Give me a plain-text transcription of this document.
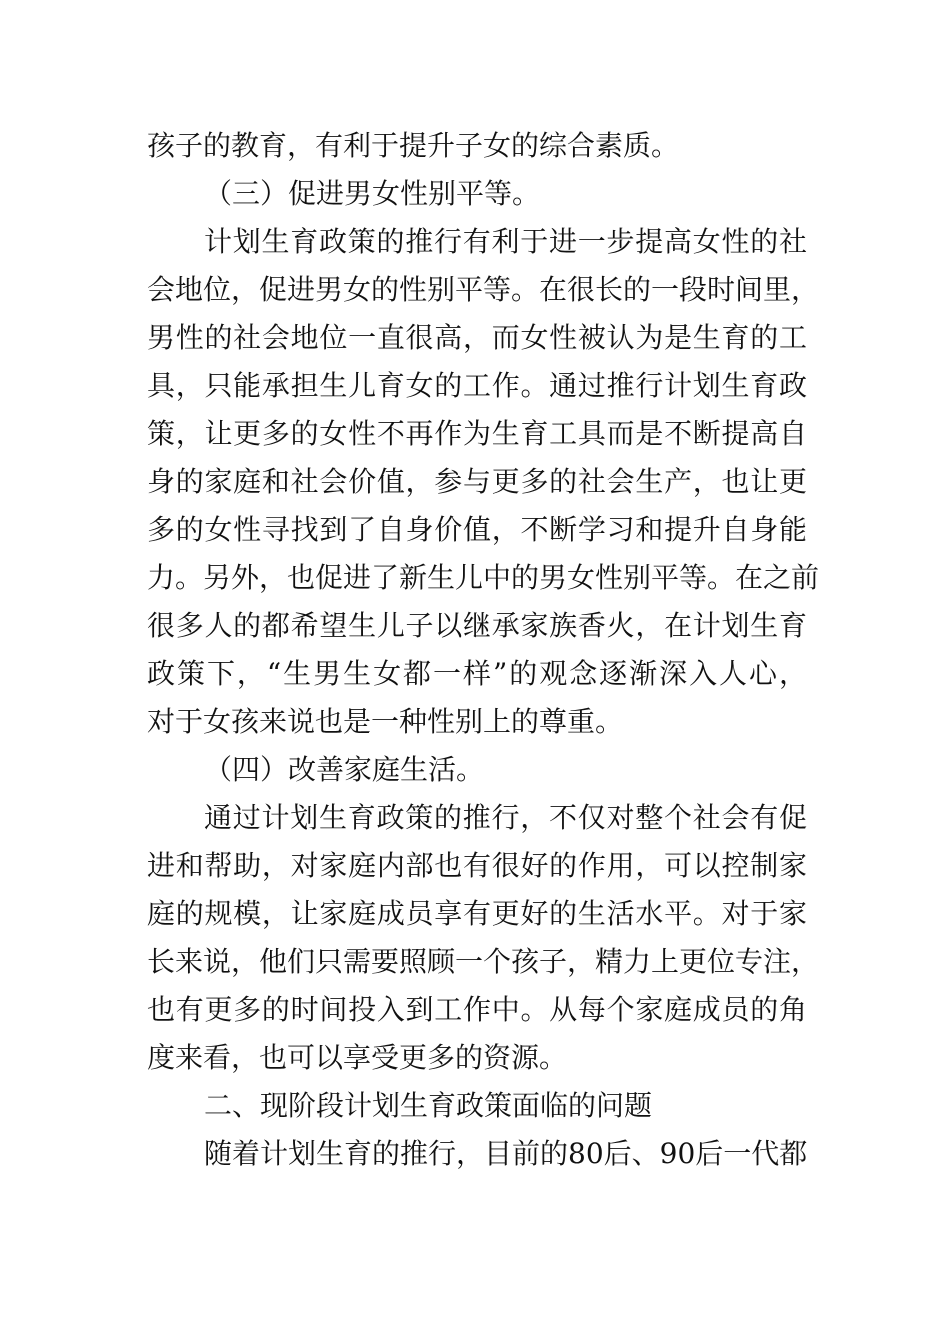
孩子的教育，有利于提升子女的综合素质。
（三）促进男女性别平等。
计划生育政策的推行有利于进一步提高女性的社
会地位，促进男女的性别平等。在很长的一段时间里，
男性的社会地位一直很高，而女性被认为是生育的工
具，只能承担生儿育女的工作。通过推行计划生育政
策，让更多的女性不再作为生育工具而是不断提高自
身的家庭和社会价值，参与更多的社会生产，也让更
多的女性寻找到了自身价值，不断学习和提升自身能
力。另外，也促进了新生儿中的男女性别平等。在之前
很多人的都希望生儿子以继承家族香火，在计划生育
政策下，“生男生女都一样”的观念逐渐深入人心，
对于女孩来说也是一种性别上的尊重。
（四）改善家庭生活。
通过计划生育政策的推行，不仅对整个社会有促
进和帮助，对家庭内部也有很好的作用，可以控制家
庭的规模，让家庭成员享有更好的生活水平。对于家
长来说，他们只需要照顾一个孩子，精力上更位专注，
也有更多的时间投入到工作中。从每个家庭成员的角
度来看，也可以享受更多的资源。
二、现阶段计划生育政策面临的问题
随着计划生育的推行，目前的80后、90后一代都
